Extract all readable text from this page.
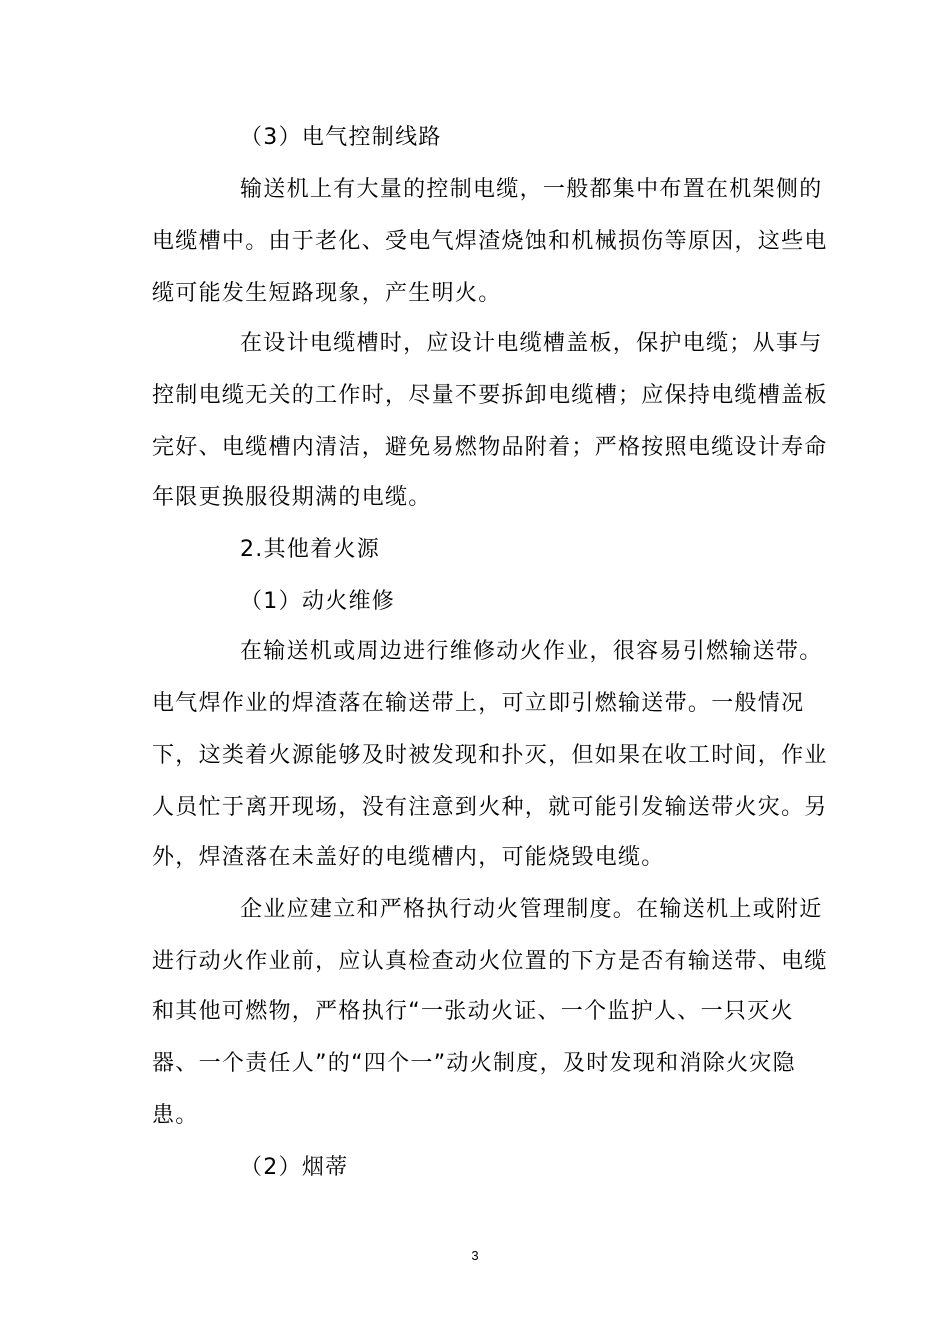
（3）电气控制线路
输送机上有大量的控制电缆，一般都集中布置在机架侧的
电缆槽中。由于老化、受电气焊渣烧蚀和机械损伤等原因，这些电
缆可能发生短路现象，产生明火。
在设计电缆槽时，应设计电缆槽盖板，保护电缆；从事与
控制电缆无关的工作时，尽量不要拆卸电缆槽；应保持电缆槽盖板
完好、电缆槽内清洁，避免易燃物品附着；严格按照电缆设计寿命
年限更换服役期满的电缆。
2.其他着火源
（1）动火维修
在输送机或周边进行维修动火作业，很容易引燃输送带。
电气焊作业的焊渣落在输送带上，可立即引燃输送带。一般情况
下，这类着火源能够及时被发现和扑灭，但如果在收工时间，作业
人员忙于离开现场，没有注意到火种，就可能引发输送带火灾。另
外，焊渣落在未盖好的电缆槽内，可能烧毁电缆。
企业应建立和严格执行动火管理制度。在输送机上或附近
进行动火作业前，应认真检查动火位置的下方是否有输送带、电缆
和其他可燃物，严格执行“一张动火证、一个监护人、一只灭火
器、一个责任人”的“四个一”动火制度，及时发现和消除火灾隐
患。
（2）烟蒂
3
